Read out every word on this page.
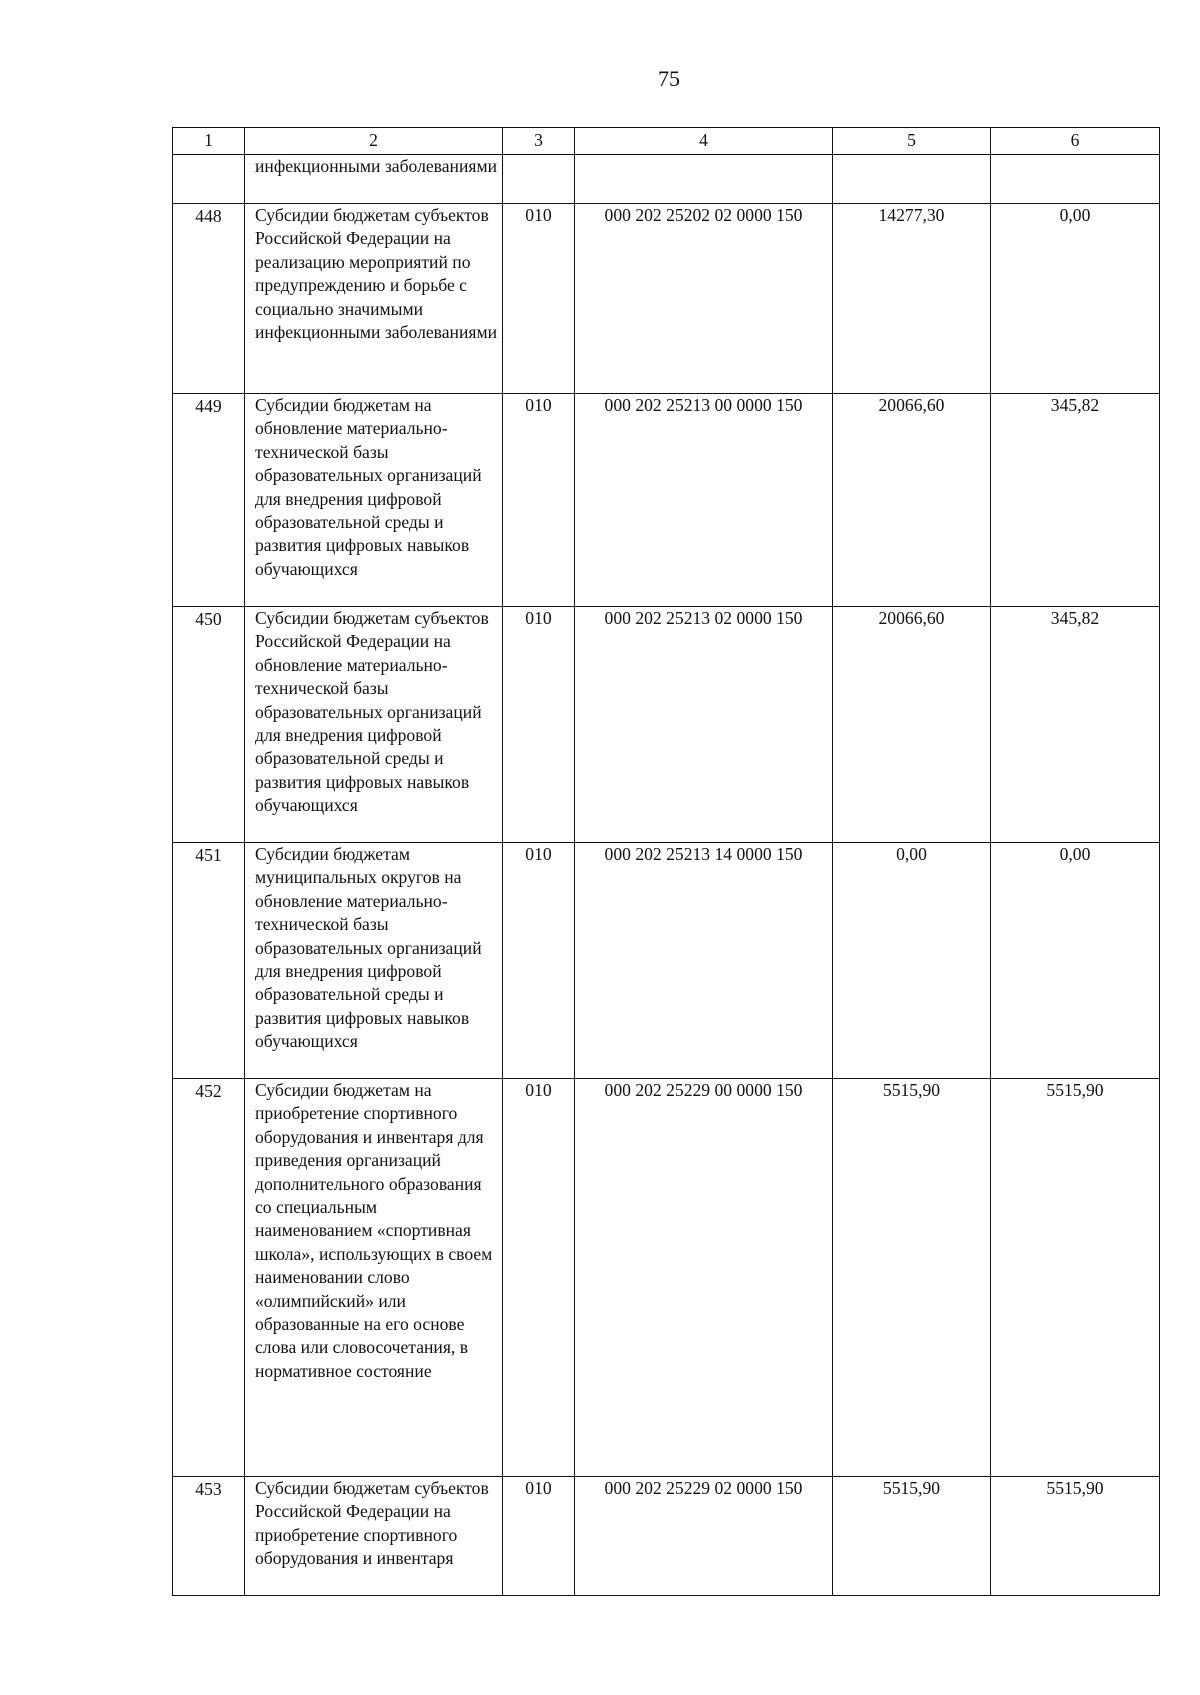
75
1	2	3	4	5	6
	инфекционными заболеваниями				
448	Субсидии бюджетам субъектов Российской Федерации на реализацию мероприятий по предупреждению и борьбе с социально значимыми инфекционными заболеваниями	010	000 202 25202 02 0000 150	14277,30	0,00
449	Субсидии бюджетам на обновление материально-технической базы образовательных организаций для внедрения цифровой образовательной среды и развития цифровых навыков обучающихся	010	000 202 25213 00 0000 150	20066,60	345,82
450	Субсидии бюджетам субъектов Российской Федерации на обновление материально-технической базы образовательных организаций для внедрения цифровой образовательной среды и развития цифровых навыков обучающихся	010	000 202 25213 02 0000 150	20066,60	345,82
451	Субсидии бюджетам муниципальных округов на обновление материально-технической базы образовательных организаций для внедрения цифровой образовательной среды и развития цифровых навыков обучающихся	010	000 202 25213 14 0000 150	0,00	0,00
452	Субсидии бюджетам на приобретение спортивного оборудования и инвентаря для приведения организаций дополнительного образования со специальным наименованием «спортивная школа», использующих в своем наименовании слово «олимпийский» или образованные на его основе слова или словосочетания, в нормативное состояние	010	000 202 25229 00 0000 150	5515,90	5515,90
453	Субсидии бюджетам субъектов Российской Федерации на приобретение спортивного оборудования и инвентаря	010	000 202 25229 02 0000 150	5515,90	5515,90
